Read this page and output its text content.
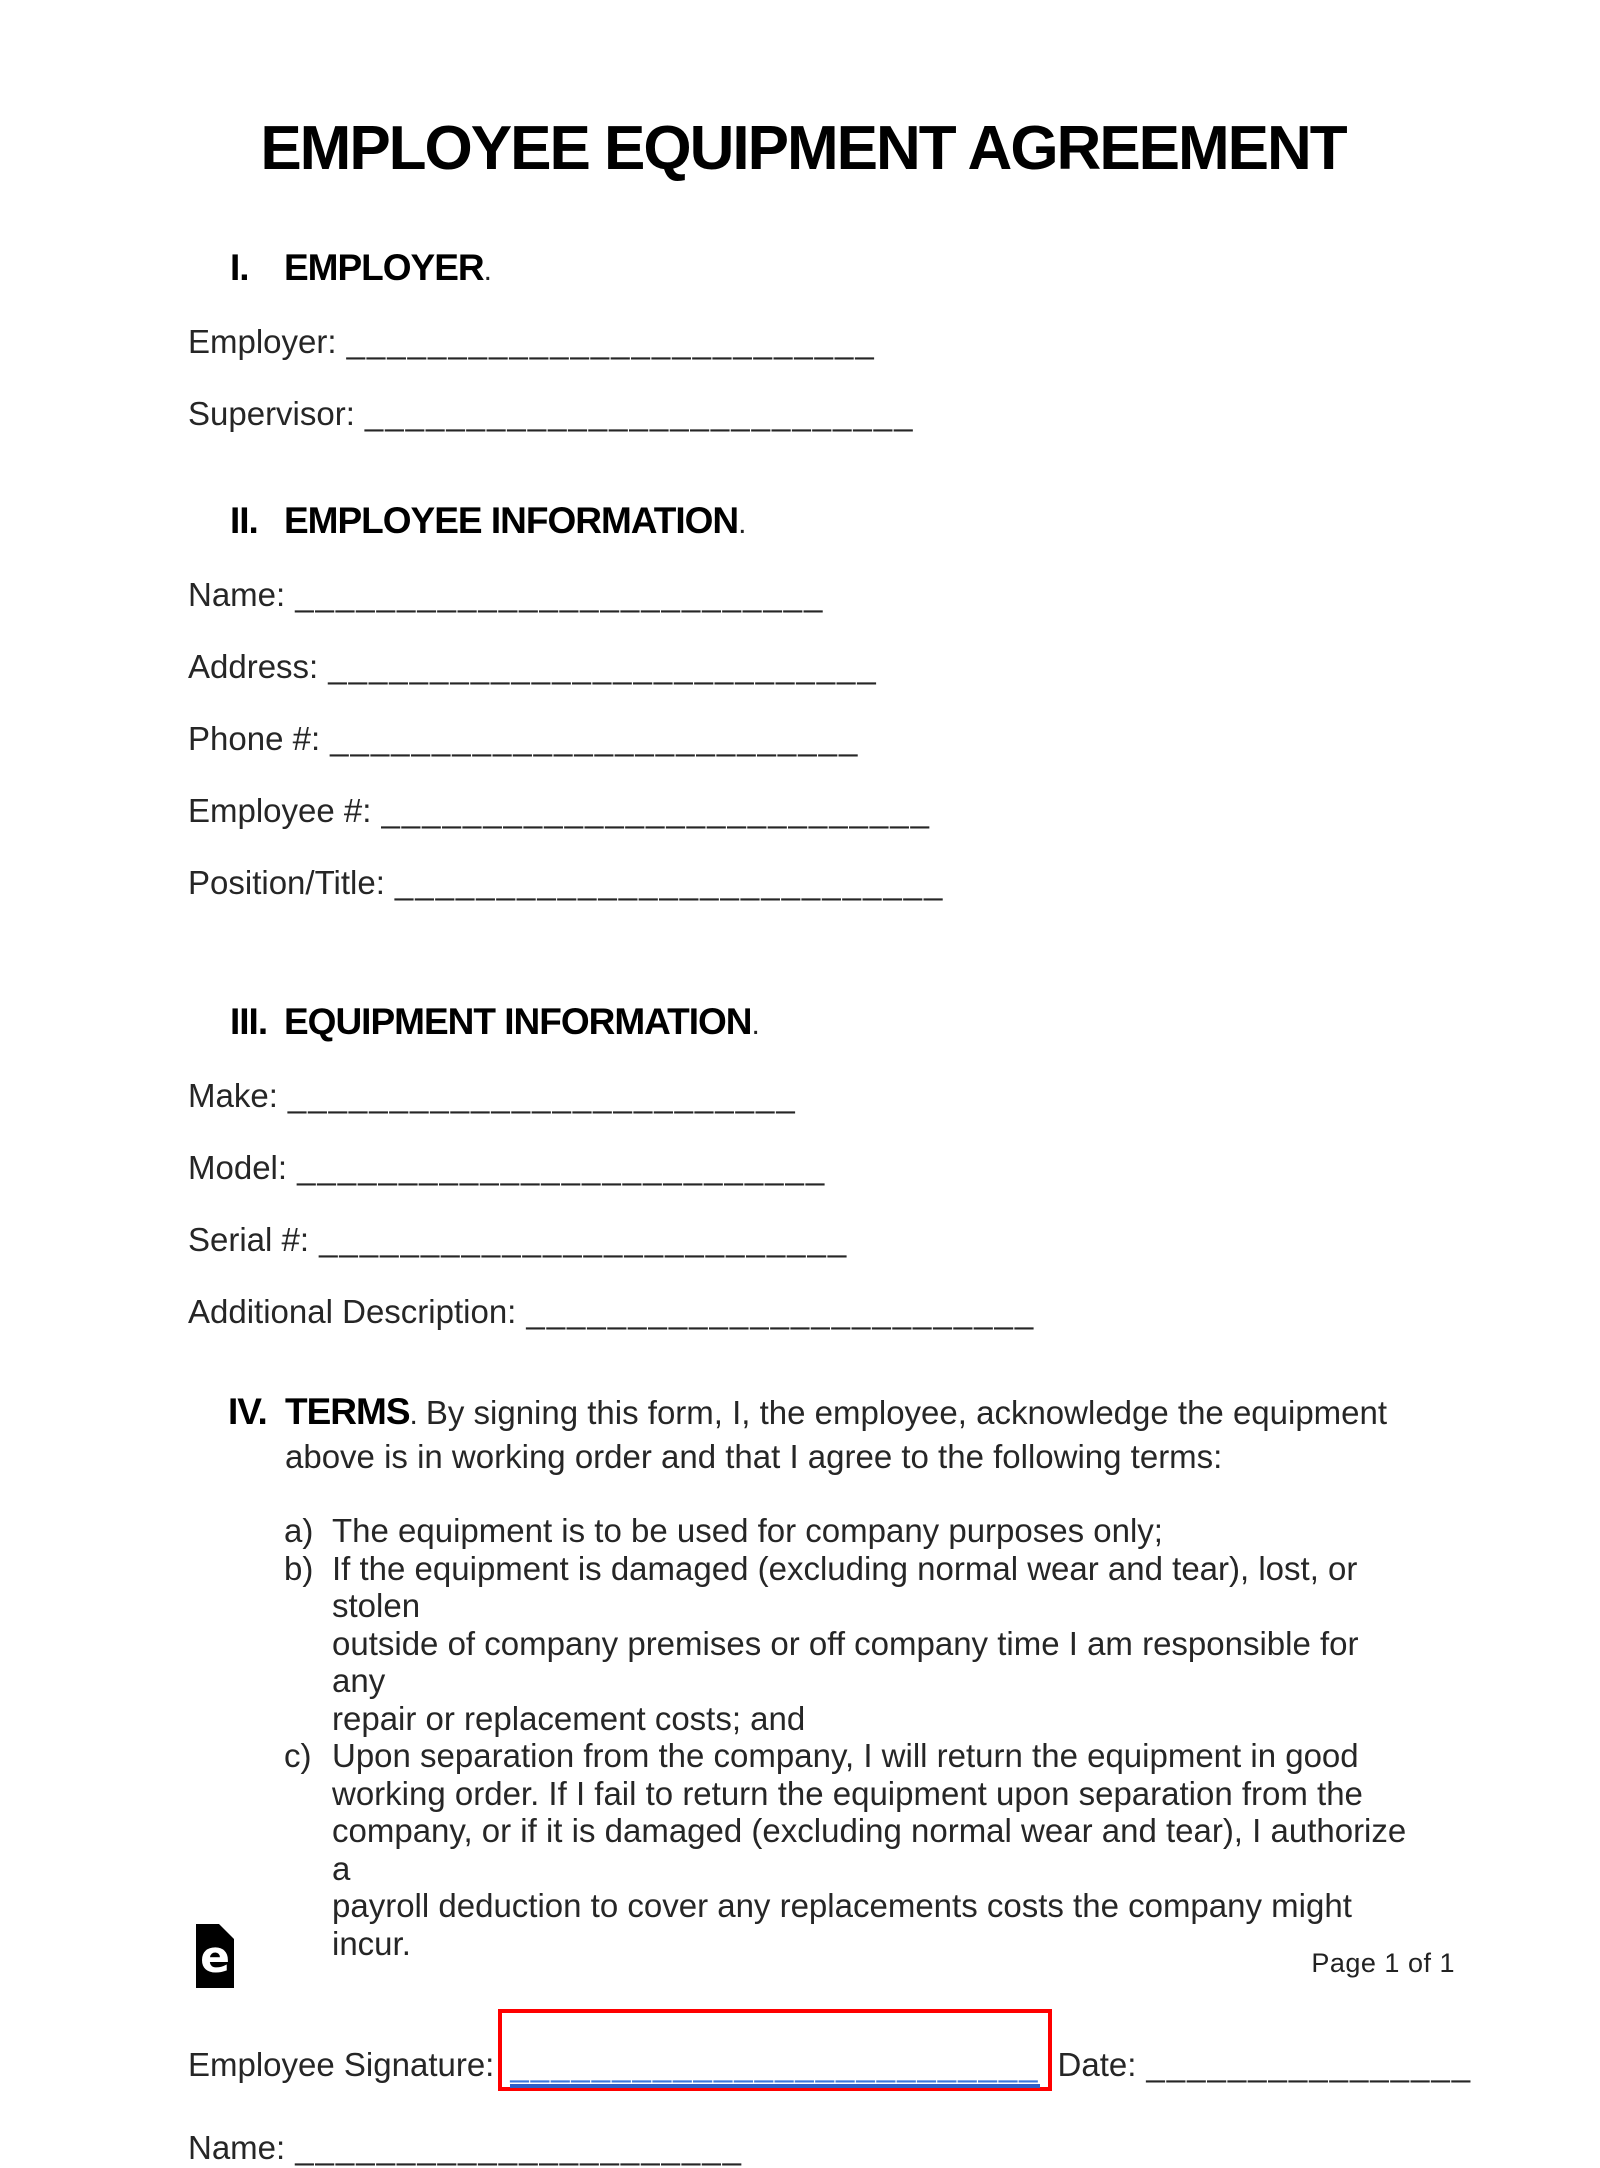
EMPLOYEE EQUIPMENT AGREEMENT
I. EMPLOYER.
Employer: __________________________
Supervisor: ___________________________
II. EMPLOYEE INFORMATION.
Name: __________________________
Address: ___________________________
Phone #: __________________________
Employee #: ___________________________
Position/Title: ___________________________
III. EQUIPMENT INFORMATION.
Make: _________________________
Model: __________________________
Serial #: __________________________
Additional Description: _________________________
IV. TERMS. By signing this form, I, the employee, acknowledge the equipment
above is in working order and that I agree to the following terms:
a) The equipment is to be used for company purposes only;
b) If the equipment is damaged (excluding normal wear and tear), lost, or stolen
outside of company premises or off company time I am responsible for any
repair or replacement costs; and
c) Upon separation from the company, I will return the equipment in good
working order. If I fail to return the equipment upon separation from the
company, or if it is damaged (excluding normal wear and tear), I authorize a
payroll deduction to cover any replacements costs the company might incur.
Employee Signature: __________________________ Date: ________________
Name: ______________________
e	Page 1 of 1
